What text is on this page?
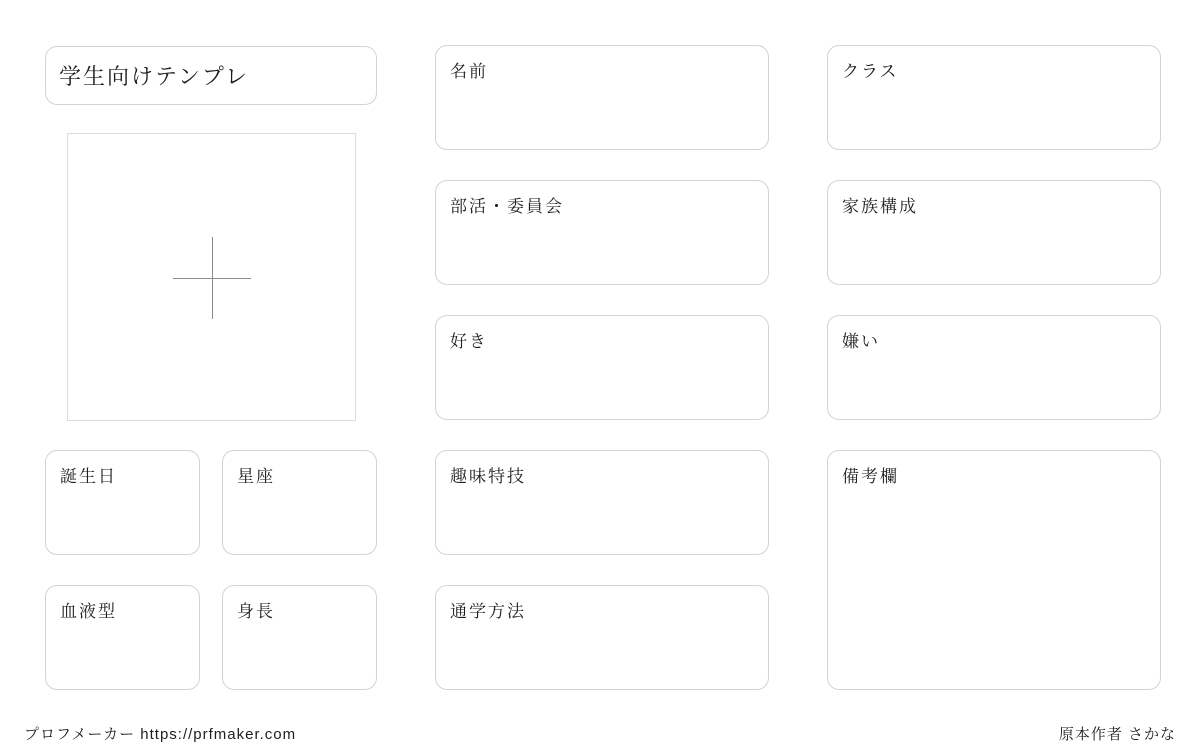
学生向けテンプレ
誕生日	星座
血液型	身長
名前
部活・委員会
好き
趣味特技
通学方法
クラス
家族構成
嫌い
備考欄
プロフメーカー https://prfmaker.com	原本作者 さかな
